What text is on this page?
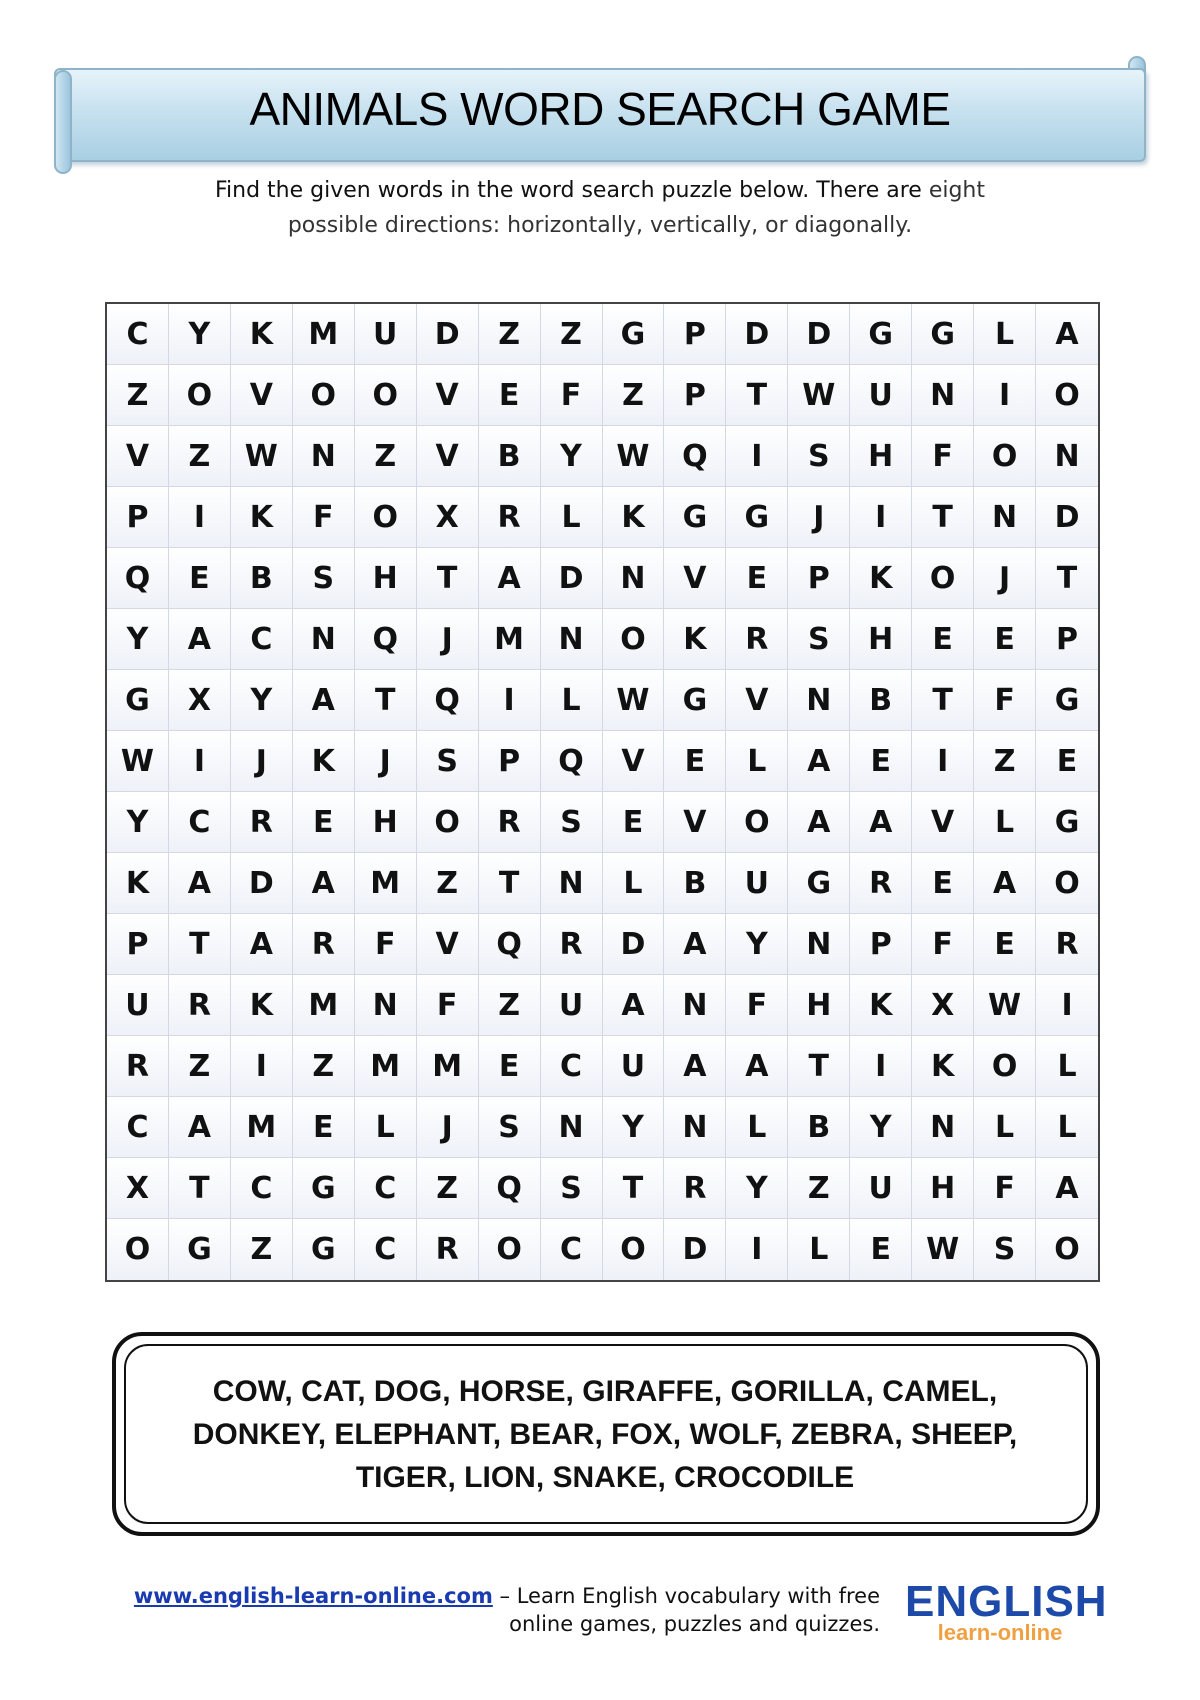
ANIMALS WORD SEARCH GAME
Find the given words in the word search puzzle below. There are eight
possible directions: horizontally, vertically, or diagonally.
C	Y	K	M	U	D	Z	Z	G	P	D	D	G	G	L	A
Z	O	V	O	O	V	E	F	Z	P	T	W	U	N	I	O
V	Z	W	N	Z	V	B	Y	W	Q	I	S	H	F	O	N
P	I	K	F	O	X	R	L	K	G	G	J	I	T	N	D
Q	E	B	S	H	T	A	D	N	V	E	P	K	O	J	T
Y	A	C	N	Q	J	M	N	O	K	R	S	H	E	E	P
G	X	Y	A	T	Q	I	L	W	G	V	N	B	T	F	G
W	I	J	K	J	S	P	Q	V	E	L	A	E	I	Z	E
Y	C	R	E	H	O	R	S	E	V	O	A	A	V	L	G
K	A	D	A	M	Z	T	N	L	B	U	G	R	E	A	O
P	T	A	R	F	V	Q	R	D	A	Y	N	P	F	E	R
U	R	K	M	N	F	Z	U	A	N	F	H	K	X	W	I
R	Z	I	Z	M	M	E	C	U	A	A	T	I	K	O	L
C	A	M	E	L	J	S	N	Y	N	L	B	Y	N	L	L
X	T	C	G	C	Z	Q	S	T	R	Y	Z	U	H	F	A
O	G	Z	G	C	R	O	C	O	D	I	L	E	W	S	O
COW, CAT, DOG, HORSE, GIRAFFE, GORILLA, CAMEL,
DONKEY, ELEPHANT, BEAR, FOX, WOLF, ZEBRA, SHEEP,
TIGER, LION, SNAKE, CROCODILE
www.english-learn-online.com – Learn English vocabulary with free
online games, puzzles and quizzes. ENGLISH
learn-online
